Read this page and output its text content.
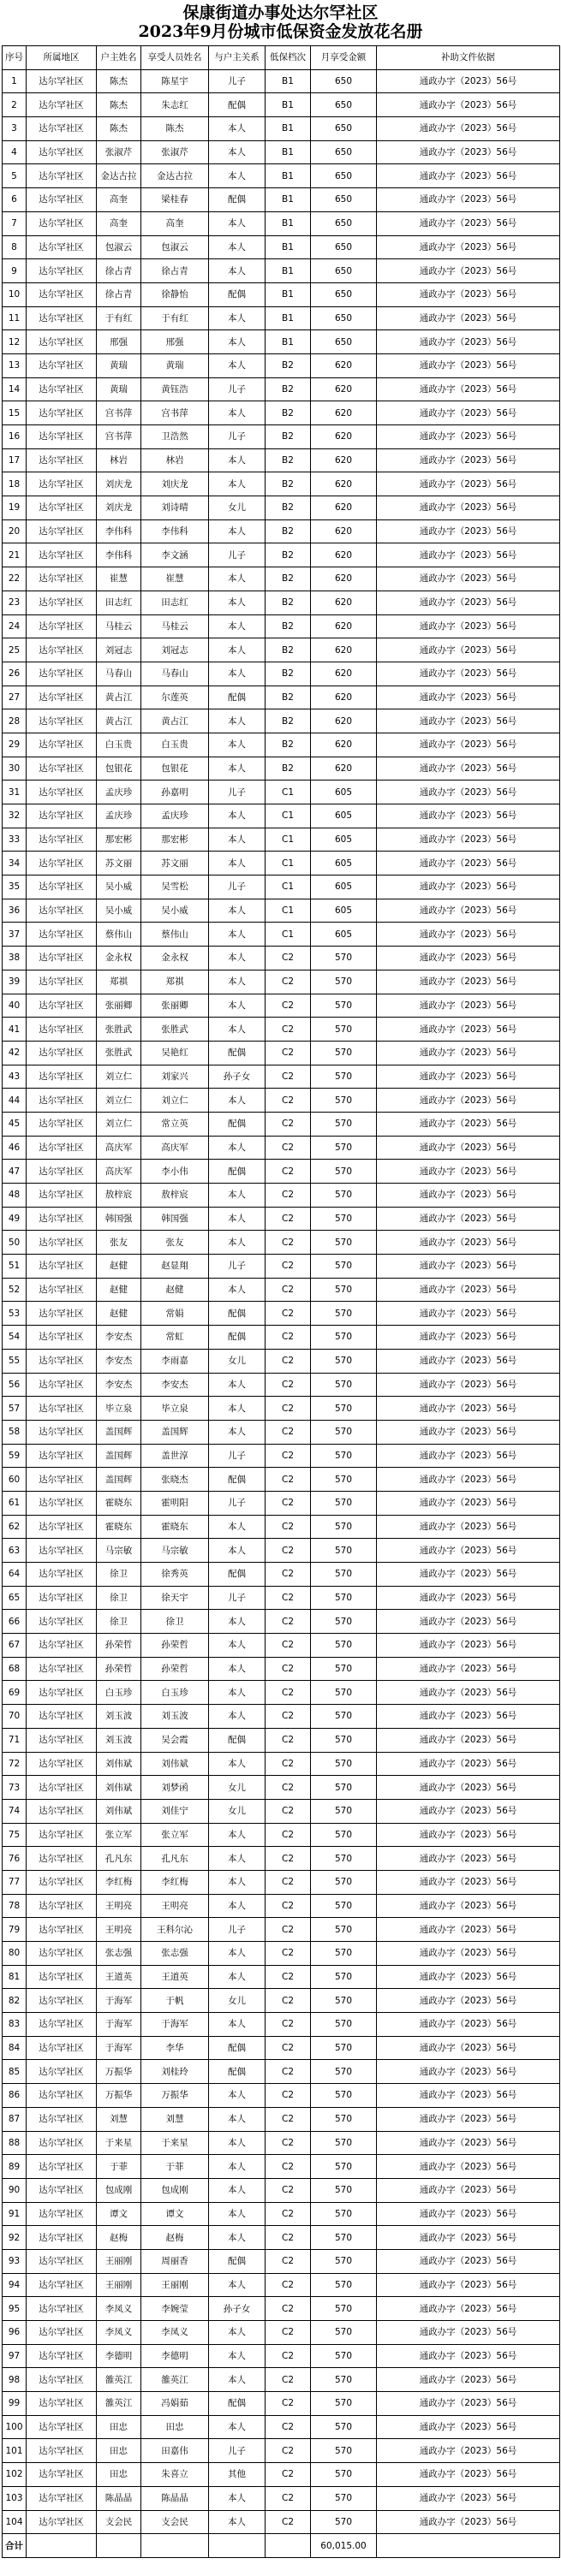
保康街道办事处达尔罕社区
2023年9月份城市低保资金发放花名册
序号	所属地区	户主姓名	享受人员姓名	与户主关系	低保档次	月享受金额	补助文件依据
1	达尔罕社区	陈杰	陈星宇	儿子	B1	650	通政办字（2023）56号
2	达尔罕社区	陈杰	朱志红	配偶	B1	650	通政办字（2023）56号
3	达尔罕社区	陈杰	陈杰	本人	B1	650	通政办字（2023）56号
4	达尔罕社区	张淑芹	张淑芹	本人	B1	650	通政办字（2023）56号
5	达尔罕社区	金达古拉	金达古拉	本人	B1	650	通政办字（2023）56号
6	达尔罕社区	高奎	梁桂春	配偶	B1	650	通政办字（2023）56号
7	达尔罕社区	高奎	高奎	本人	B1	650	通政办字（2023）56号
8	达尔罕社区	包淑云	包淑云	本人	B1	650	通政办字（2023）56号
9	达尔罕社区	徐占青	徐占青	本人	B1	650	通政办字（2023）56号
10	达尔罕社区	徐占青	徐静怡	配偶	B1	650	通政办字（2023）56号
11	达尔罕社区	于有红	于有红	本人	B1	650	通政办字（2023）56号
12	达尔罕社区	邢强	邢强	本人	B1	650	通政办字（2023）56号
13	达尔罕社区	黄瑞	黄瑞	本人	B2	620	通政办字（2023）56号
14	达尔罕社区	黄瑞	黄钰浩	儿子	B2	620	通政办字（2023）56号
15	达尔罕社区	宫书萍	宫书萍	本人	B2	620	通政办字（2023）56号
16	达尔罕社区	宫书萍	卫浩然	儿子	B2	620	通政办字（2023）56号
17	达尔罕社区	林岩	林岩	本人	B2	620	通政办字（2023）56号
18	达尔罕社区	刘庆龙	刘庆龙	本人	B2	620	通政办字（2023）56号
19	达尔罕社区	刘庆龙	刘诗晴	女儿	B2	620	通政办字（2023）56号
20	达尔罕社区	李伟科	李伟科	本人	B2	620	通政办字（2023）56号
21	达尔罕社区	李伟科	李文涵	儿子	B2	620	通政办字（2023）56号
22	达尔罕社区	崔慧	崔慧	本人	B2	620	通政办字（2023）56号
23	达尔罕社区	田志红	田志红	本人	B2	620	通政办字（2023）56号
24	达尔罕社区	马桂云	马桂云	本人	B2	620	通政办字（2023）56号
25	达尔罕社区	刘冠志	刘冠志	本人	B2	620	通政办字（2023）56号
26	达尔罕社区	马春山	马春山	本人	B2	620	通政办字（2023）56号
27	达尔罕社区	黄占江	尔莲英	配偶	B2	620	通政办字（2023）56号
28	达尔罕社区	黄占江	黄占江	本人	B2	620	通政办字（2023）56号
29	达尔罕社区	白玉贵	白玉贵	本人	B2	620	通政办字（2023）56号
30	达尔罕社区	包银花	包银花	本人	B2	620	通政办字（2023）56号
31	达尔罕社区	孟庆珍	孙嘉明	儿子	C1	605	通政办字（2023）56号
32	达尔罕社区	孟庆珍	孟庆珍	本人	C1	605	通政办字（2023）56号
33	达尔罕社区	那宏彬	那宏彬	本人	C1	605	通政办字（2023）56号
34	达尔罕社区	苏文丽	苏文丽	本人	C1	605	通政办字（2023）56号
35	达尔罕社区	吴小威	吴雪松	儿子	C1	605	通政办字（2023）56号
36	达尔罕社区	吴小威	吴小威	本人	C1	605	通政办字（2023）56号
37	达尔罕社区	蔡伟山	蔡伟山	本人	C1	605	通政办字（2023）56号
38	达尔罕社区	金永权	金永权	本人	C2	570	通政办字（2023）56号
39	达尔罕社区	郑祺	郑祺	本人	C2	570	通政办字（2023）56号
40	达尔罕社区	张丽卿	张丽卿	本人	C2	570	通政办字（2023）56号
41	达尔罕社区	张胜武	张胜武	本人	C2	570	通政办字（2023）56号
42	达尔罕社区	张胜武	吴艳红	配偶	C2	570	通政办字（2023）56号
43	达尔罕社区	刘立仁	刘家兴	孙子女	C2	570	通政办字（2023）56号
44	达尔罕社区	刘立仁	刘立仁	本人	C2	570	通政办字（2023）56号
45	达尔罕社区	刘立仁	常立英	配偶	C2	570	通政办字（2023）56号
46	达尔罕社区	高庆军	高庆军	本人	C2	570	通政办字（2023）56号
47	达尔罕社区	高庆军	李小伟	配偶	C2	570	通政办字（2023）56号
48	达尔罕社区	敖梓宸	敖梓宸	本人	C2	570	通政办字（2023）56号
49	达尔罕社区	韩国强	韩国强	本人	C2	570	通政办字（2023）56号
50	达尔罕社区	张友	张友	本人	C2	570	通政办字（2023）56号
51	达尔罕社区	赵健	赵显翔	儿子	C2	570	通政办字（2023）56号
52	达尔罕社区	赵健	赵健	本人	C2	570	通政办字（2023）56号
53	达尔罕社区	赵健	常娟	配偶	C2	570	通政办字（2023）56号
54	达尔罕社区	李安杰	常虹	配偶	C2	570	通政办字（2023）56号
55	达尔罕社区	李安杰	李雨嘉	女儿	C2	570	通政办字（2023）56号
56	达尔罕社区	李安杰	李安杰	本人	C2	570	通政办字（2023）56号
57	达尔罕社区	毕立泉	毕立泉	本人	C2	570	通政办字（2023）56号
58	达尔罕社区	盖国辉	盖国辉	本人	C2	570	通政办字（2023）56号
59	达尔罕社区	盖国辉	盖世淳	儿子	C2	570	通政办字（2023）56号
60	达尔罕社区	盖国辉	张晓杰	配偶	C2	570	通政办字（2023）56号
61	达尔罕社区	霍晓东	霍明阳	儿子	C2	570	通政办字（2023）56号
62	达尔罕社区	霍晓东	霍晓东	本人	C2	570	通政办字（2023）56号
63	达尔罕社区	马宗敏	马宗敏	本人	C2	570	通政办字（2023）56号
64	达尔罕社区	徐卫	徐秀英	配偶	C2	570	通政办字（2023）56号
65	达尔罕社区	徐卫	徐天宇	儿子	C2	570	通政办字（2023）56号
66	达尔罕社区	徐卫	徐卫	本人	C2	570	通政办字（2023）56号
67	达尔罕社区	孙荣哲	孙荣哲	本人	C2	570	通政办字（2023）56号
68	达尔罕社区	孙荣哲	孙荣哲	本人	C2	570	通政办字（2023）56号
69	达尔罕社区	白玉珍	白玉珍	本人	C2	570	通政办字（2023）56号
70	达尔罕社区	刘玉波	刘玉波	本人	C2	570	通政办字（2023）56号
71	达尔罕社区	刘玉波	吴会霞	配偶	C2	570	通政办字（2023）56号
72	达尔罕社区	刘伟斌	刘伟斌	本人	C2	570	通政办字（2023）56号
73	达尔罕社区	刘伟斌	刘梦函	女儿	C2	570	通政办字（2023）56号
74	达尔罕社区	刘伟斌	刘佳宁	女儿	C2	570	通政办字（2023）56号
75	达尔罕社区	张立军	张立军	本人	C2	570	通政办字（2023）56号
76	达尔罕社区	孔凡东	孔凡东	本人	C2	570	通政办字（2023）56号
77	达尔罕社区	李红梅	李红梅	本人	C2	570	通政办字（2023）56号
78	达尔罕社区	王明亮	王明亮	本人	C2	570	通政办字（2023）56号
79	达尔罕社区	王明亮	王科尔沁	儿子	C2	570	通政办字（2023）56号
80	达尔罕社区	张志强	张志强	本人	C2	570	通政办字（2023）56号
81	达尔罕社区	王道英	王道英	本人	C2	570	通政办字（2023）56号
82	达尔罕社区	于海军	于帆	女儿	C2	570	通政办字（2023）56号
83	达尔罕社区	于海军	于海军	本人	C2	570	通政办字（2023）56号
84	达尔罕社区	于海军	李华	配偶	C2	570	通政办字（2023）56号
85	达尔罕社区	万振华	刘桂玲	配偶	C2	570	通政办字（2023）56号
86	达尔罕社区	万振华	万振华	本人	C2	570	通政办字（2023）56号
87	达尔罕社区	刘慧	刘慧	本人	C2	570	通政办字（2023）56号
88	达尔罕社区	于来星	于来星	本人	C2	570	通政办字（2023）56号
89	达尔罕社区	于菲	于菲	本人	C2	570	通政办字（2023）56号
90	达尔罕社区	包成刚	包成刚	本人	C2	570	通政办字（2023）56号
91	达尔罕社区	谭文	谭文	本人	C2	570	通政办字（2023）56号
92	达尔罕社区	赵梅	赵梅	本人	C2	570	通政办字（2023）56号
93	达尔罕社区	王丽刚	周丽香	配偶	C2	570	通政办字（2023）56号
94	达尔罕社区	王丽刚	王丽刚	本人	C2	570	通政办字（2023）56号
95	达尔罕社区	李凤义	李婉莹	孙子女	C2	570	通政办字（2023）56号
96	达尔罕社区	李凤义	李凤义	本人	C2	570	通政办字（2023）56号
97	达尔罕社区	李德明	李德明	本人	C2	570	通政办字（2023）56号
98	达尔罕社区	雒英江	雒英江	本人	C2	570	通政办字（2023）56号
99	达尔罕社区	雒英江	冯娟茹	配偶	C2	570	通政办字（2023）56号
100	达尔罕社区	田忠	田忠	本人	C2	570	通政办字（2023）56号
101	达尔罕社区	田忠	田嘉伟	儿子	C2	570	通政办字（2023）56号
102	达尔罕社区	田忠	朱喜立	其他	C2	570	通政办字（2023）56号
103	达尔罕社区	陈晶晶	陈晶晶	本人	C2	570	通政办字（2023）56号
104	达尔罕社区	支会民	支会民	本人	C2	570	通政办字（2023）56号
合计						60,015.00	
